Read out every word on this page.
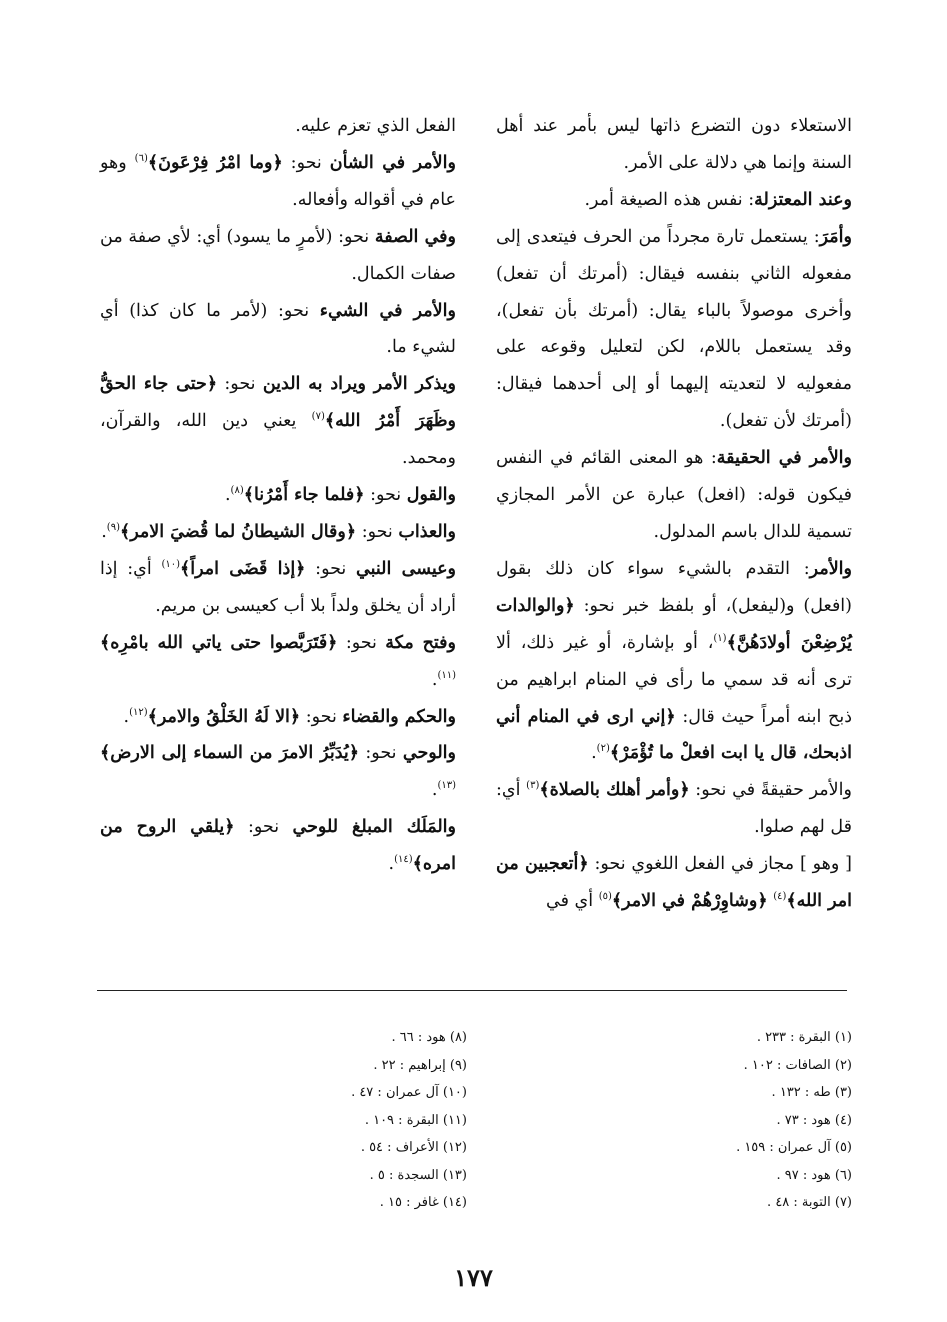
الاستعلاء دون التضرع ذاتها ليس بأمر عند أهل السنة وإنما هي دلالة على الأمر.

وعند المعتزلة: نفس هذه الصيغة أمر.

وأمَرَ: يستعمل تارة مجرداً من الحرف فيتعدى إلى مفعوله الثاني بنفسه فيقال: (أمرتك أن تفعل) وأخرى موصولاً بالباء يقال: (أمرتك بأن تفعل)، وقد يستعمل باللام، لكن لتعليل وقوعه على مفعوليه لا لتعديته إليهما أو إلى أحدهما فيقال: (أمرتك لأن تفعل).

والأمر في الحقيقة: هو المعنى القائم في النفس فيكون قوله: (افعل) عبارة عن الأمر المجازي تسمية للدال باسم المدلول.

والأمر: التقدم بالشيء سواء كان ذلك بقول (افعل) و(ليفعل)، أو بلفظ خبر نحو: ﴿والوالدات يُرْضِعْنَ أولادَهُنَّ﴾$^{(١)}$، أو بإشارة، أو غير ذلك، ألا ترى أنه قد سمي ما رأى في المنام ابراهيم من ذبح ابنه أمراً حيث قال: ﴿إني ارى في المنام أني اذبحك، قال يا ابت افعلْ ما تُؤْمَرْ﴾$^{(٢)}$.

والأمر حقيقةً في نحو: ﴿وأمر أهلك بالصلاة﴾$^{(٣)}$ أي: قل لهم صلوا.

[ وهو ] مجاز في الفعل اللغوي نحو: ﴿أتعجبين من امر الله﴾$^{(٤)}$ ﴿وشاوِرْهُمْ في الامر﴾$^{(٥)}$ أي في

الفعل الذي تعزم عليه.

والأمر في الشأن نحو: ﴿وما امْرُ فِرْعَونَ﴾$^{(٦)}$ وهو عام في أقواله وأفعاله.

وفي الصفة نحو: (لأمرٍ ما يسود) أي: لأي صفة من صفات الكمال.

والأمر في الشيء نحو: (لأمر ما كان كذا) أي لشيء ما.

ويذكر الأمر ويراد به الدين نحو: ﴿حتى جاء الحقُّ وظَهَرَ أَمْرُ الله﴾$^{(٧)}$ يعني دين الله، والقرآن، ومحمد.

والقول نحو: ﴿فلما جاء أَمْرُنا﴾$^{(٨)}$.

والعذاب نحو: ﴿وقال الشيطانُ لما قُضيَ الامر﴾$^{(٩)}$.

وعيسى النبي نحو: ﴿إذا قَضَى امراً﴾$^{(١٠)}$ أي: إذا أراد أن يخلق ولداً بلا أب كعيسى بن مريم.

وفتح مكة نحو: ﴿فَتَرَبَّصوا حتى ياتي الله بامْرِه﴾$^{(١١)}$.

والحكم والقضاء نحو: ﴿الا لَهُ الخَلْقُ والامر﴾$^{(١٢)}$.

والوحي نحو: ﴿يُدَبِّرُ الامرَ من السماء إلى الارض﴾$^{(١٣)}$.

والمَلَك المبلغ للوحي نحو: ﴿يلقي الروح من امره﴾$^{(١٤)}$.

(١) البقرة : ٢٣٣ .
(٢) الصافات : ١٠٢ .
(٣) طه : ١٣٢ .
(٤) هود : ٧٣ .
(٥) آل عمران : ١٥٩ .
(٦) هود : ٩٧ .
(٧) التوبة : ٤٨ .
(٨) هود : ٦٦ .
(٩) إبراهيم : ٢٢ .
(١٠) آل عمران : ٤٧ .
(١١) البقرة : ١٠٩ .
(١٢) الأعراف : ٥٤ .
(١٣) السجدة : ٥ .
(١٤) غافر : ١٥ .
١٧٧
